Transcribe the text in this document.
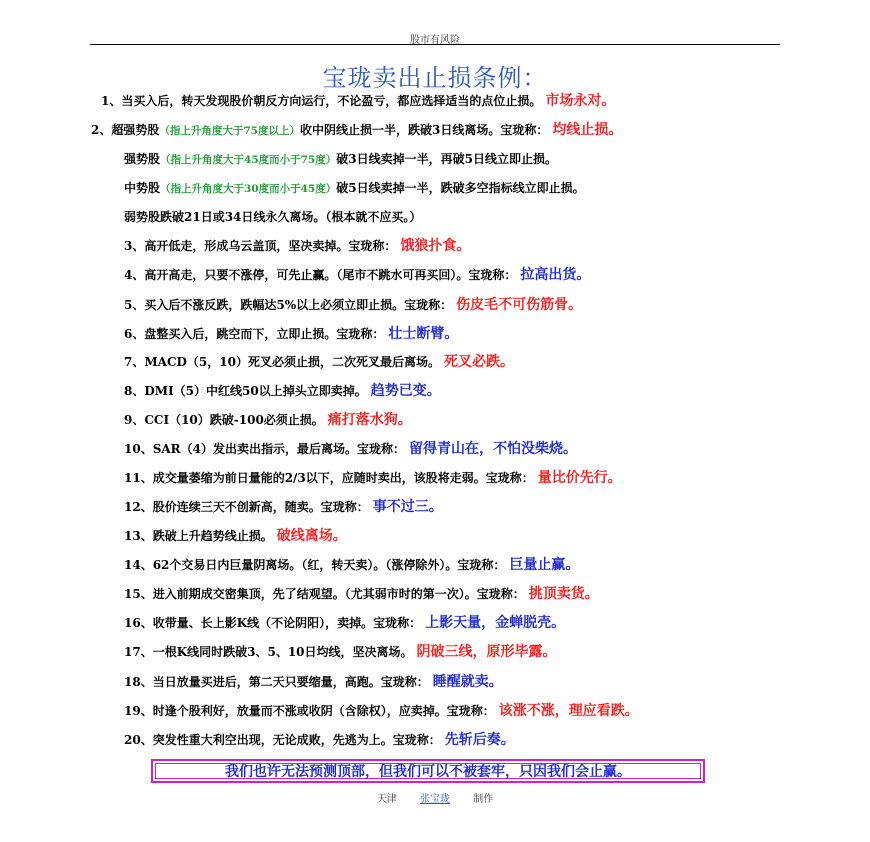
股市有风险
宝珑卖出止损条例：
1、当买入后，转天发现股价朝反方向运行，不论盈亏，都应选择适当的点位止损。 市场永对。
2、超强势股（指上升角度大于75度以上）收中阴线止损一半，跌破3日线离场。宝珑称： 均线止损。
强势股（指上升角度大于45度而小于75度）破3日线卖掉一半，再破5日线立即止损。
中势股（指上升角度大于30度而小于45度）破5日线卖掉一半，跌破多空指标线立即止损。
弱势股跌破21日或34日线永久离场。（根本就不应买。）
3、高开低走，形成乌云盖顶，坚决卖掉。宝珑称： 饿狼扑食。
4、高开高走，只要不涨停，可先止赢。（尾市不跳水可再买回）。宝珑称： 拉高出货。
5、买入后不涨反跌，跌幅达5%以上必须立即止损。宝珑称： 伤皮毛不可伤筋骨。
6、盘整买入后，跳空而下，立即止损。宝珑称： 壮士断臂。
7、MACD（5，10）死叉必须止损，二次死叉最后离场。 死叉必跌。
8、DMI（5）中红线50以上掉头立即卖掉。 趋势已变。
9、CCI（10）跌破-100必须止损。 痛打落水狗。
10、SAR（4）发出卖出指示，最后离场。宝珑称： 留得青山在，不怕没柴烧。
11、成交量萎缩为前日量能的2/3以下，应随时卖出，该股将走弱。宝珑称： 量比价先行。
12、股价连续三天不创新高，随卖。宝珑称： 事不过三。
13、跌破上升趋势线止损。 破线离场。
14、62个交易日内巨量阴离场。（红，转天卖）。（涨停除外）。宝珑称： 巨量止赢。
15、进入前期成交密集顶，先了结观望。（尤其弱市时的第一次）。宝珑称： 挑顶卖货。
16、收带量、长上影K线（不论阴阳），卖掉。宝珑称： 上影天量，金蝉脱壳。
17、一根K线同时跌破3、5、10日均线，坚决离场。 阴破三线，原形毕露。
18、当日放量买进后，第二天只要缩量，高跑。宝珑称： 睡醒就卖。
19、时逢个股利好，放量而不涨或收阴（含除权），应卖掉。宝珑称： 该涨不涨，理应看跌。
20、突发性重大利空出现，无论成败，先逃为上。宝珑称： 先斩后奏。
我们也许无法预测顶部，但我们可以不被套牢，只因我们会止赢。
天津 张宝珑 制作
